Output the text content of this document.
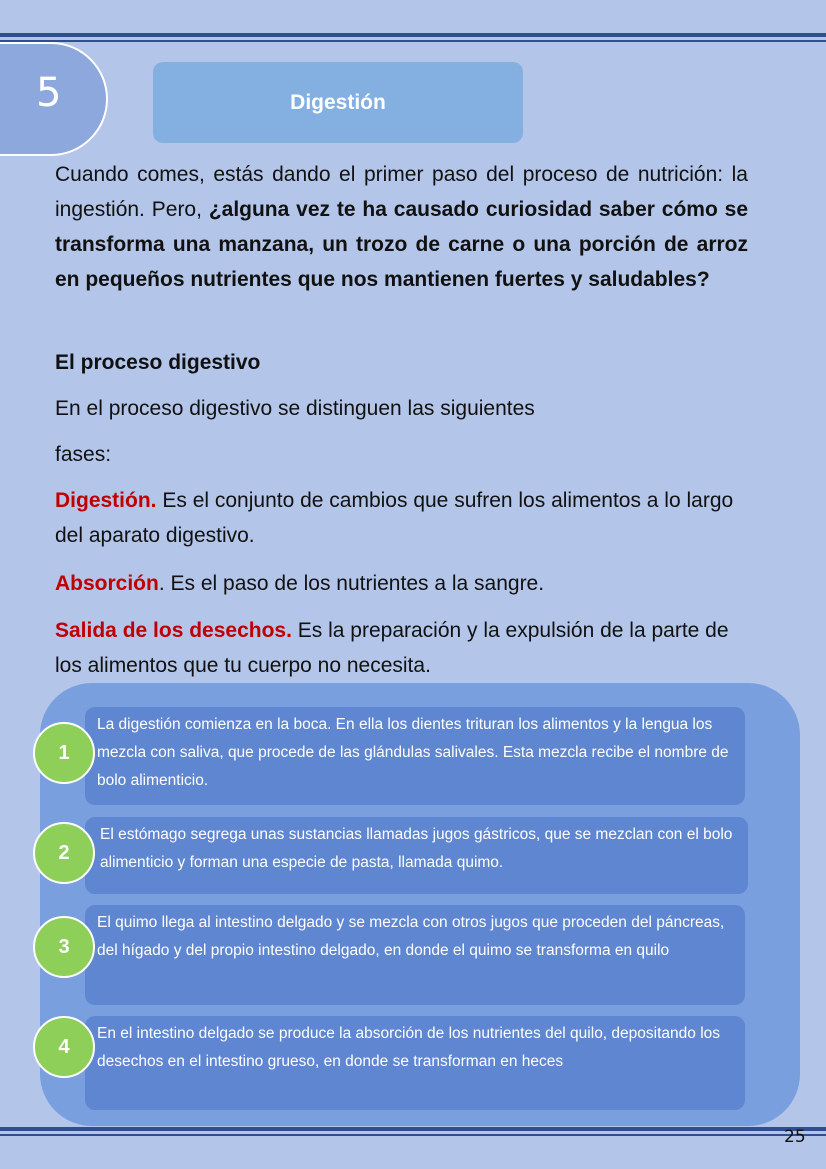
5	Digestión

Cuando comes, estás dando el primer paso del proceso de nutrición: la ingestión. Pero, ¿alguna vez te ha causado curiosidad saber cómo se transforma una manzana, un trozo de carne o una porción de arroz en pequeños nutrientes que nos mantienen fuertes y saludables?

El proceso digestivo

En el proceso digestivo se distinguen las siguientes

fases:

Digestión. Es el conjunto de cambios que sufren los alimentos a lo largo del aparato digestivo.

Absorción. Es el paso de los nutrientes a la sangre.

Salida de los desechos. Es la preparación y la expulsión de la parte de los alimentos que tu cuerpo no necesita.

La digestión comienza en la boca. En ella los dientes trituran los alimentos y la lengua los mezcla con saliva, que procede de las glándulas salivales. Esta mezcla recibe el nombre de bolo alimenticio.
1
El estómago segrega unas sustancias llamadas jugos gástricos, que se mezclan con el bolo alimenticio y forman una especie de pasta, llamada quimo.
2
El quimo llega al intestino delgado y se mezcla con otros jugos que proceden del páncreas, del hígado y del propio intestino delgado, en donde el quimo se transforma en quilo
3
En el intestino delgado se produce la absorción de los nutrientes del quilo, depositando los desechos en el intestino grueso, en donde se transforman en heces
4
25
